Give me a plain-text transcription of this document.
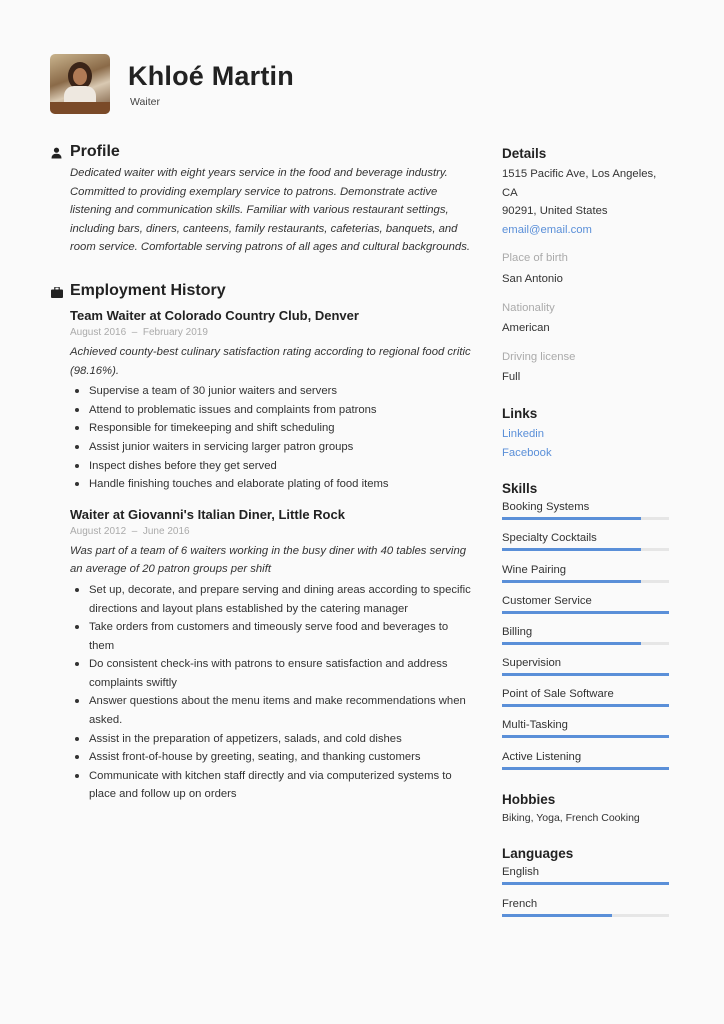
Khloé Martin
Waiter
Profile
Dedicated waiter with eight years service in the food and beverage industry. Committed to providing exemplary service to patrons. Demonstrate active listening and communication skills. Familiar with various restaurant settings, including bars, diners, canteens, family restaurants, cafeterias, banquets, and room service. Comfortable serving patrons of all ages and cultural backgrounds.
Employment History
Team Waiter at Colorado Country Club, Denver
August 2016 – February 2019
Achieved county-best culinary satisfaction rating according to regional food critic (98.16%).
Supervise a team of 30 junior waiters and servers
Attend to problematic issues and complaints from patrons
Responsible for timekeeping and shift scheduling
Assist junior waiters in servicing larger patron groups
Inspect dishes before they get served
Handle finishing touches and elaborate plating of food items
Waiter at Giovanni's Italian Diner, Little Rock
August 2012 – June 2016
Was part of a team of 6 waiters working in the busy diner with 40 tables serving an average of 20 patron groups per shift
Set up, decorate, and prepare serving and dining areas according to specific directions and layout plans established by the catering manager
Take orders from customers and timeously serve food and beverages to them
Do consistent check-ins with patrons to ensure satisfaction and address complaints swiftly
Answer questions about the menu items and make recommendations when asked.
Assist in the preparation of appetizers, salads, and cold dishes
Assist front-of-house by greeting, seating, and thanking customers
Communicate with kitchen staff directly and via computerized systems to place and follow up on orders
Details
1515 Pacific Ave, Los Angeles, CA
90291, United States
email@email.com
Place of birth
San Antonio
Nationality
American
Driving license
Full
Links
Linkedin
Facebook
Skills
Booking Systems
Specialty Cocktails
Wine Pairing
Customer Service
Billing
Supervision
Point of Sale Software
Multi-Tasking
Active Listening
Hobbies
Biking, Yoga, French Cooking
Languages
English
French
